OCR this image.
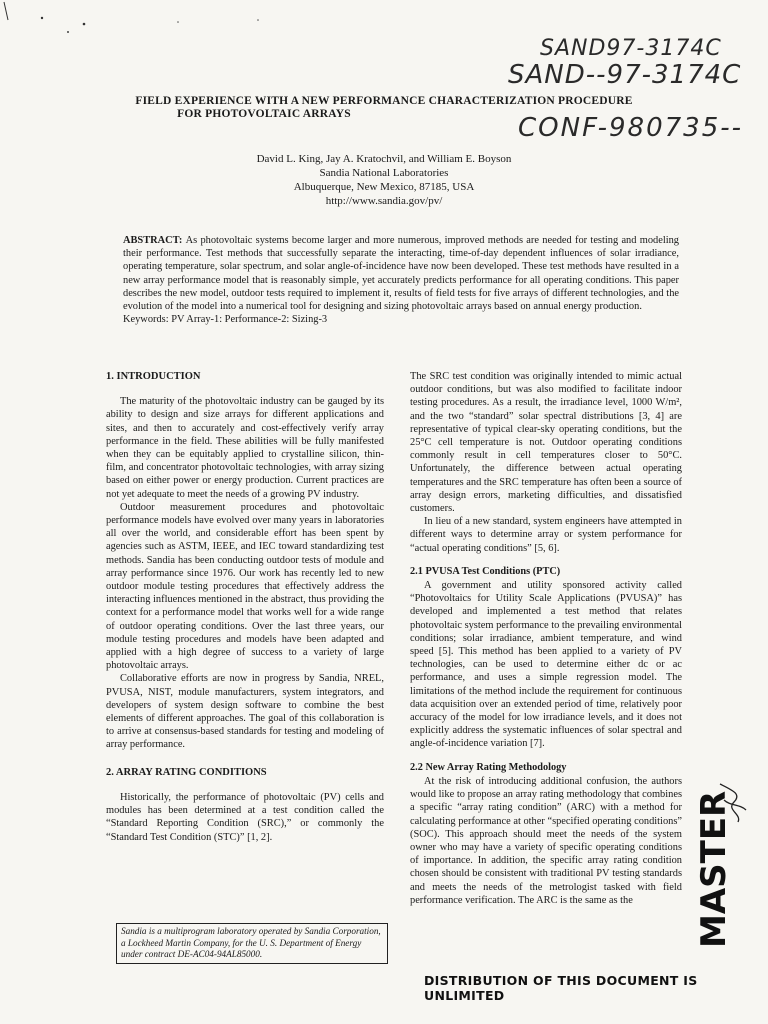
SAND97-3174C
SAND--97-3174C
CONF-980735--
FIELD EXPERIENCE WITH A NEW PERFORMANCE CHARACTERIZATION PROCEDURE
FOR PHOTOVOLTAIC ARRAYS
David L. King, Jay A. Kratochvil, and William E. Boyson
Sandia National Laboratories
Albuquerque, New Mexico, 87185, USA
http://www.sandia.gov/pv/
ABSTRACT: As photovoltaic systems become larger and more numerous, improved methods are needed for testing and modeling their performance. Test methods that successfully separate the interacting, time-of-day dependent influences of solar irradiance, operating temperature, solar spectrum, and solar angle-of-incidence have now been developed. These test methods have resulted in a new array performance model that is reasonably simple, yet accurately predicts performance for all operating conditions. This paper describes the new model, outdoor tests required to implement it, results of field tests for five arrays of different technologies, and the evolution of the model into a numerical tool for designing and sizing photovoltaic arrays based on annual energy production.
Keywords: PV Array-1: Performance-2: Sizing-3
1. INTRODUCTION

The maturity of the photovoltaic industry can be gauged by its ability to design and size arrays for different applications and sites, and then to accurately and cost-effectively verify array performance in the field. These abilities will be fully manifested when they can be equitably applied to crystalline silicon, thin-film, and concentrator photovoltaic technologies, with array sizing based on either power or energy production. Current practices are not yet adequate to meet the needs of a growing PV industry.

Outdoor measurement procedures and photovoltaic performance models have evolved over many years in laboratories all over the world, and considerable effort has been spent by agencies such as ASTM, IEEE, and IEC toward standardizing test methods. Sandia has been conducting outdoor tests of module and array performance since 1976. Our work has recently led to new outdoor module testing procedures that effectively address the interacting influences mentioned in the abstract, thus providing the context for a performance model that works well for a wide range of outdoor operating conditions. Over the last three years, our module testing procedures and models have been adapted and applied with a high degree of success to a variety of large photovoltaic arrays.

Collaborative efforts are now in progress by Sandia, NREL, PVUSA, NIST, module manufacturers, system integrators, and developers of system design software to combine the best elements of different approaches. The goal of this collaboration is to arrive at consensus-based standards for testing and modeling of array performance.

2. ARRAY RATING CONDITIONS

Historically, the performance of photovoltaic (PV) cells and modules has been determined at a test condition called the “Standard Reporting Condition (SRC),” or commonly the “Standard Test Condition (STC)” [1, 2].

Sandia is a multiprogram laboratory operated by Sandia Corporation, a Lockheed Martin Company, for the U. S. Department of Energy under contract DE-AC04-94AL85000.

The SRC test condition was originally intended to mimic actual outdoor conditions, but was also modified to facilitate indoor testing procedures. As a result, the irradiance level, 1000 W/m², and the two “standard” solar spectral distributions [3, 4] are representative of typical clear-sky operating conditions, but the 25°C cell temperature is not. Outdoor operating conditions commonly result in cell temperatures closer to 50°C. Unfortunately, the difference between actual operating temperatures and the SRC temperature has often been a source of array design errors, marketing difficulties, and dissatisfied customers.

In lieu of a new standard, system engineers have attempted in different ways to determine array or system performance for “actual operating conditions” [5, 6].

2.1 PVUSA Test Conditions (PTC)

A government and utility sponsored activity called “Photovoltaics for Utility Scale Applications (PVUSA)” has developed and implemented a test method that relates photovoltaic system performance to the prevailing environmental conditions; solar irradiance, ambient temperature, and wind speed [5]. This method has been applied to a variety of PV technologies, can be used to determine either dc or ac performance, and uses a simple regression model. The limitations of the method include the requirement for continuous data acquisition over an extended period of time, relatively poor accuracy of the model for low irradiance levels, and it does not explicitly address the systematic influences of solar spectral and angle-of-incidence variation [7].

2.2 New Array Rating Methodology

At the risk of introducing additional confusion, the authors would like to propose an array rating methodology that combines a specific “array rating condition” (ARC) with a method for calculating performance at other “specified operating conditions” (SOC). This approach should meet the needs of the system owner who may have a variety of specific operating conditions of importance. In addition, the specific array rating condition chosen should be consistent with traditional PV testing standards and meets the needs of the metrologist tasked with field performance verification. The ARC is the same as the	MASTER
DISTRIBUTION OF THIS DOCUMENT IS UNLIMITED
